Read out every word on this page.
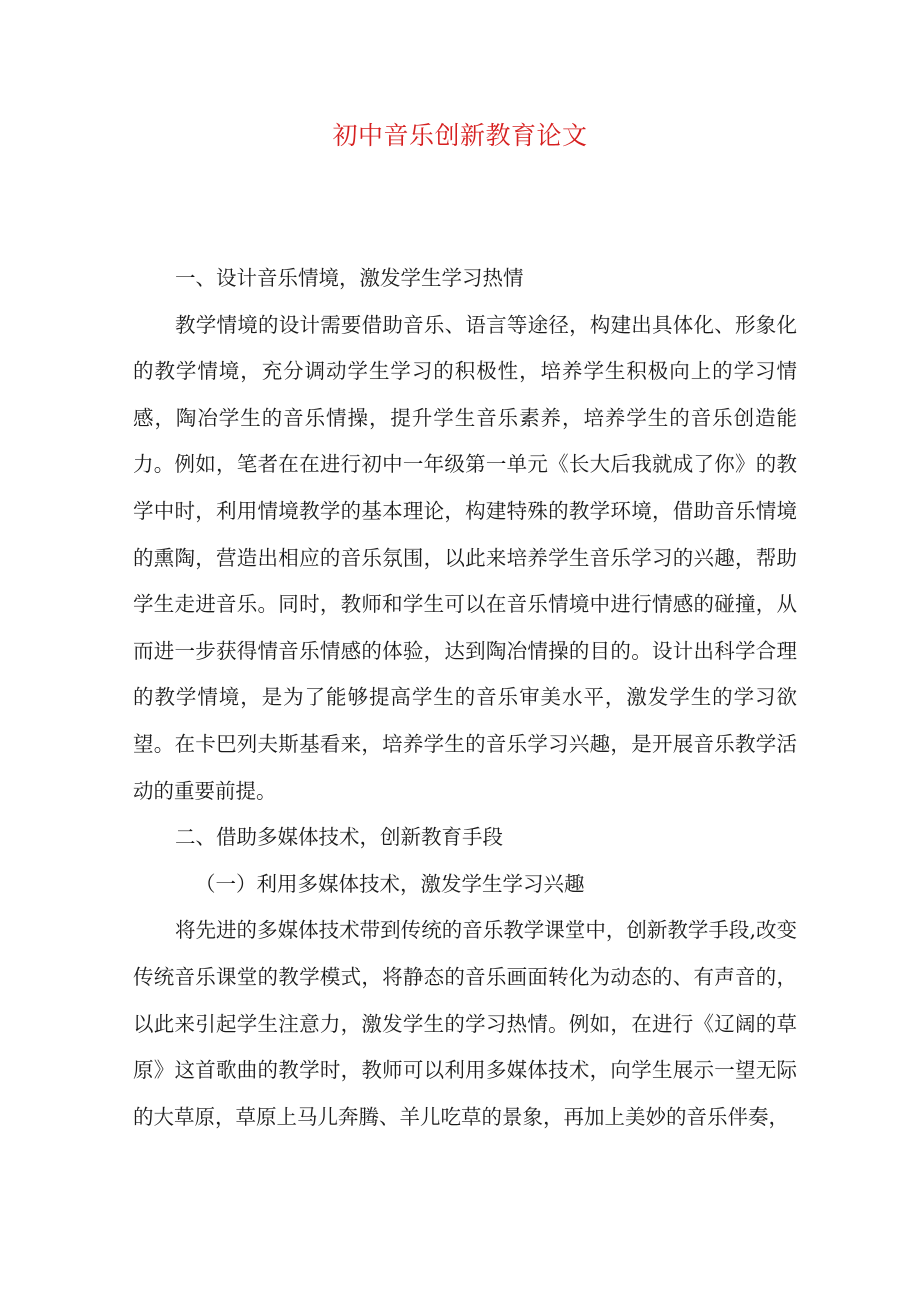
初中音乐创新教育论文

一、设计音乐情境，激发学生学习热情

教学情境的设计需要借助音乐、语言等途径，构建出具体化、形象化的教学情境，充分调动学生学习的积极性，培养学生积极向上的学习情感，陶冶学生的音乐情操，提升学生音乐素养，培养学生的音乐创造能力。例如，笔者在在进行初中一年级第一单元《长大后我就成了你》的教学中时，利用情境教学的基本理论，构建特殊的教学环境，借助音乐情境的熏陶，营造出相应的音乐氛围，以此来培养学生音乐学习的兴趣，帮助学生走进音乐。同时，教师和学生可以在音乐情境中进行情感的碰撞，从而进一步获得情音乐情感的体验，达到陶冶情操的目的。设计出科学合理的教学情境，是为了能够提高学生的音乐审美水平，激发学生的学习欲望。在卡巴列夫斯基看来，培养学生的音乐学习兴趣，是开展音乐教学活动的重要前提。

二、借助多媒体技术，创新教育手段

（一）利用多媒体技术，激发学生学习兴趣

将先进的多媒体技术带到传统的音乐教学课堂中，创新教学手段,改变传统音乐课堂的教学模式，将静态的音乐画面转化为动态的、有声音的，以此来引起学生注意力，激发学生的学习热情。例如，在进行《辽阔的草原》这首歌曲的教学时，教师可以利用多媒体技术，向学生展示一望无际的大草原，草原上马儿奔腾、羊儿吃草的景象，再加上美妙的音乐伴奏，
